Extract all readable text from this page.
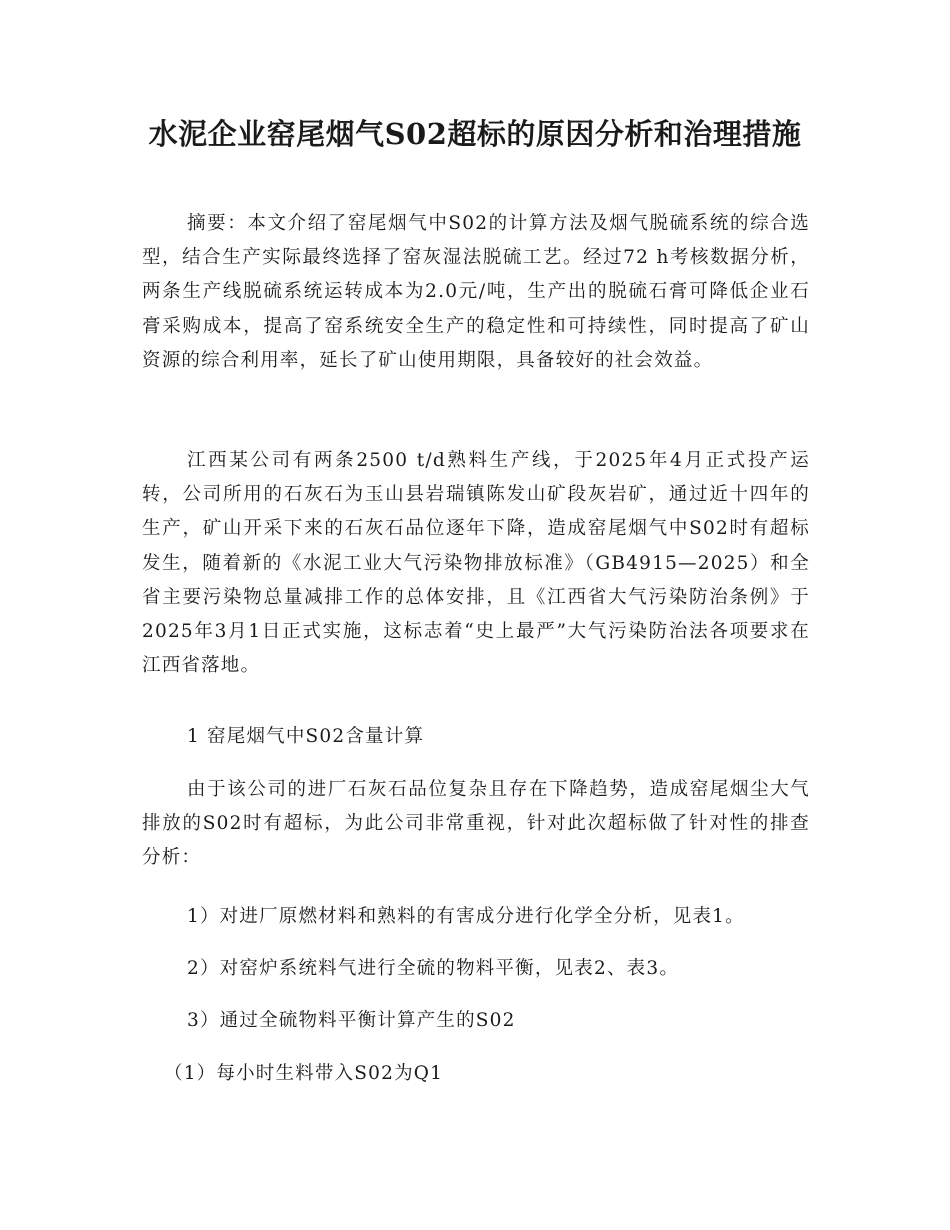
水泥企业窑尾烟气S02超标的原因分析和治理措施

摘要：本文介绍了窑尾烟气中S02的计算方法及烟气脱硫系统的综合选型，结合生产实际最终选择了窑灰湿法脱硫工艺。经过72 h考核数据分析，两条生产线脱硫系统运转成本为2.0元/吨，生产出的脱硫石膏可降低企业石膏采购成本，提高了窑系统安全生产的稳定性和可持续性，同时提高了矿山资源的综合利用率，延长了矿山使用期限，具备较好的社会效益。

江西某公司有两条2500 t/d熟料生产线，于2025年4月正式投产运转，公司所用的石灰石为玉山县岩瑞镇陈发山矿段灰岩矿，通过近十四年的生产，矿山开采下来的石灰石品位逐年下降，造成窑尾烟气中S02时有超标发生，随着新的《水泥工业大气污染物排放标准》（GB4915—2025）和全省主要污染物总量减排工作的总体安排，且《江西省大气污染防治条例》于2025年3月1日正式实施，这标志着“史上最严”大气污染防治法各项要求在江西省落地。

1 窑尾烟气中S02含量计算

由于该公司的进厂石灰石品位复杂且存在下降趋势，造成窑尾烟尘大气排放的S02时有超标，为此公司非常重视，针对此次超标做了针对性的排查分析：

1）对进厂原燃材料和熟料的有害成分进行化学全分析，见表1。

2）对窑炉系统料气进行全硫的物料平衡，见表2、表3。

3）通过全硫物料平衡计算产生的S02

（1）每小时生料带入S02为Q1
